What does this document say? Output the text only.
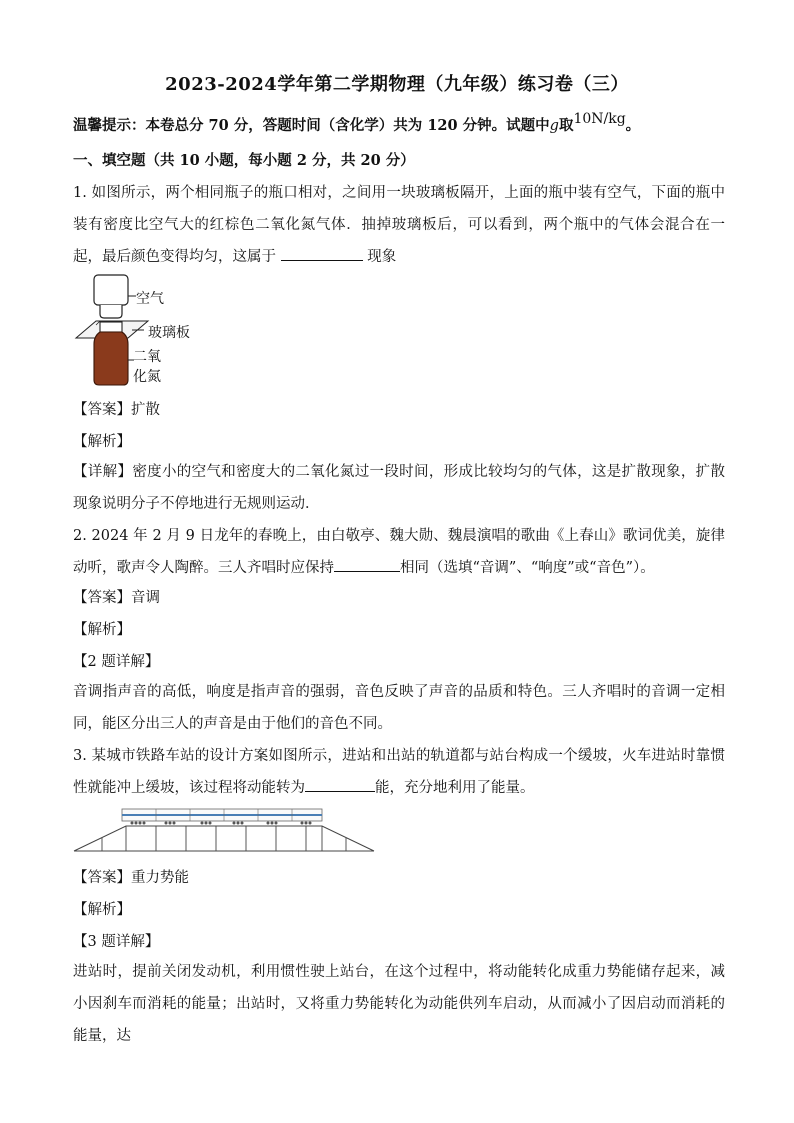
2023-2024学年第二学期物理（九年级）练习卷（三）
温馨提示：本卷总分 70 分，答题时间（含化学）共为 120 分钟。试题中g取10N/kg。
一、填空题（共 10 小题，每小题 2 分，共 20 分）
1. 如图所示，两个相同瓶子的瓶口相对，之间用一块玻璃板隔开，上面的瓶中装有空气，下面的瓶中装有密度比空气大的红棕色二氧化氮气体．抽掉玻璃板后，可以看到，两个瓶中的气体会混合在一起，最后颜色变得均匀，这属于	现象
空气
玻璃板
二氧
化氮
【答案】扩散
【解析】
【详解】密度小的空气和密度大的二氧化氮过一段时间，形成比较均匀的气体，这是扩散现象，扩散现象说明分子不停地进行无规则运动．
2. 2024 年 2 月 9 日龙年的春晚上，由白敬亭、魏大勋、魏晨演唱的歌曲《上春山》歌词优美，旋律动听，歌声令人陶醉。三人齐唱时应保持	相同（选填“音调”、“响度”或“音色”）。
【答案】音调
【解析】
【2 题详解】
音调指声音的高低，响度是指声音的强弱，音色反映了声音的品质和特色。三人齐唱时的音调一定相同，能区分出三人的声音是由于他们的音色不同。
3. 某城市铁路车站的设计方案如图所示，进站和出站的轨道都与站台构成一个缓坡，火车进站时靠惯性就能冲上缓坡，该过程将动能转为	能，充分地利用了能量。
【答案】重力势能
【解析】
【3 题详解】
进站时，提前关闭发动机，利用惯性驶上站台，在这个过程中，将动能转化成重力势能储存起来，减小因刹车而消耗的能量；出站时，又将重力势能转化为动能供列车启动，从而减小了因启动而消耗的能量，达
